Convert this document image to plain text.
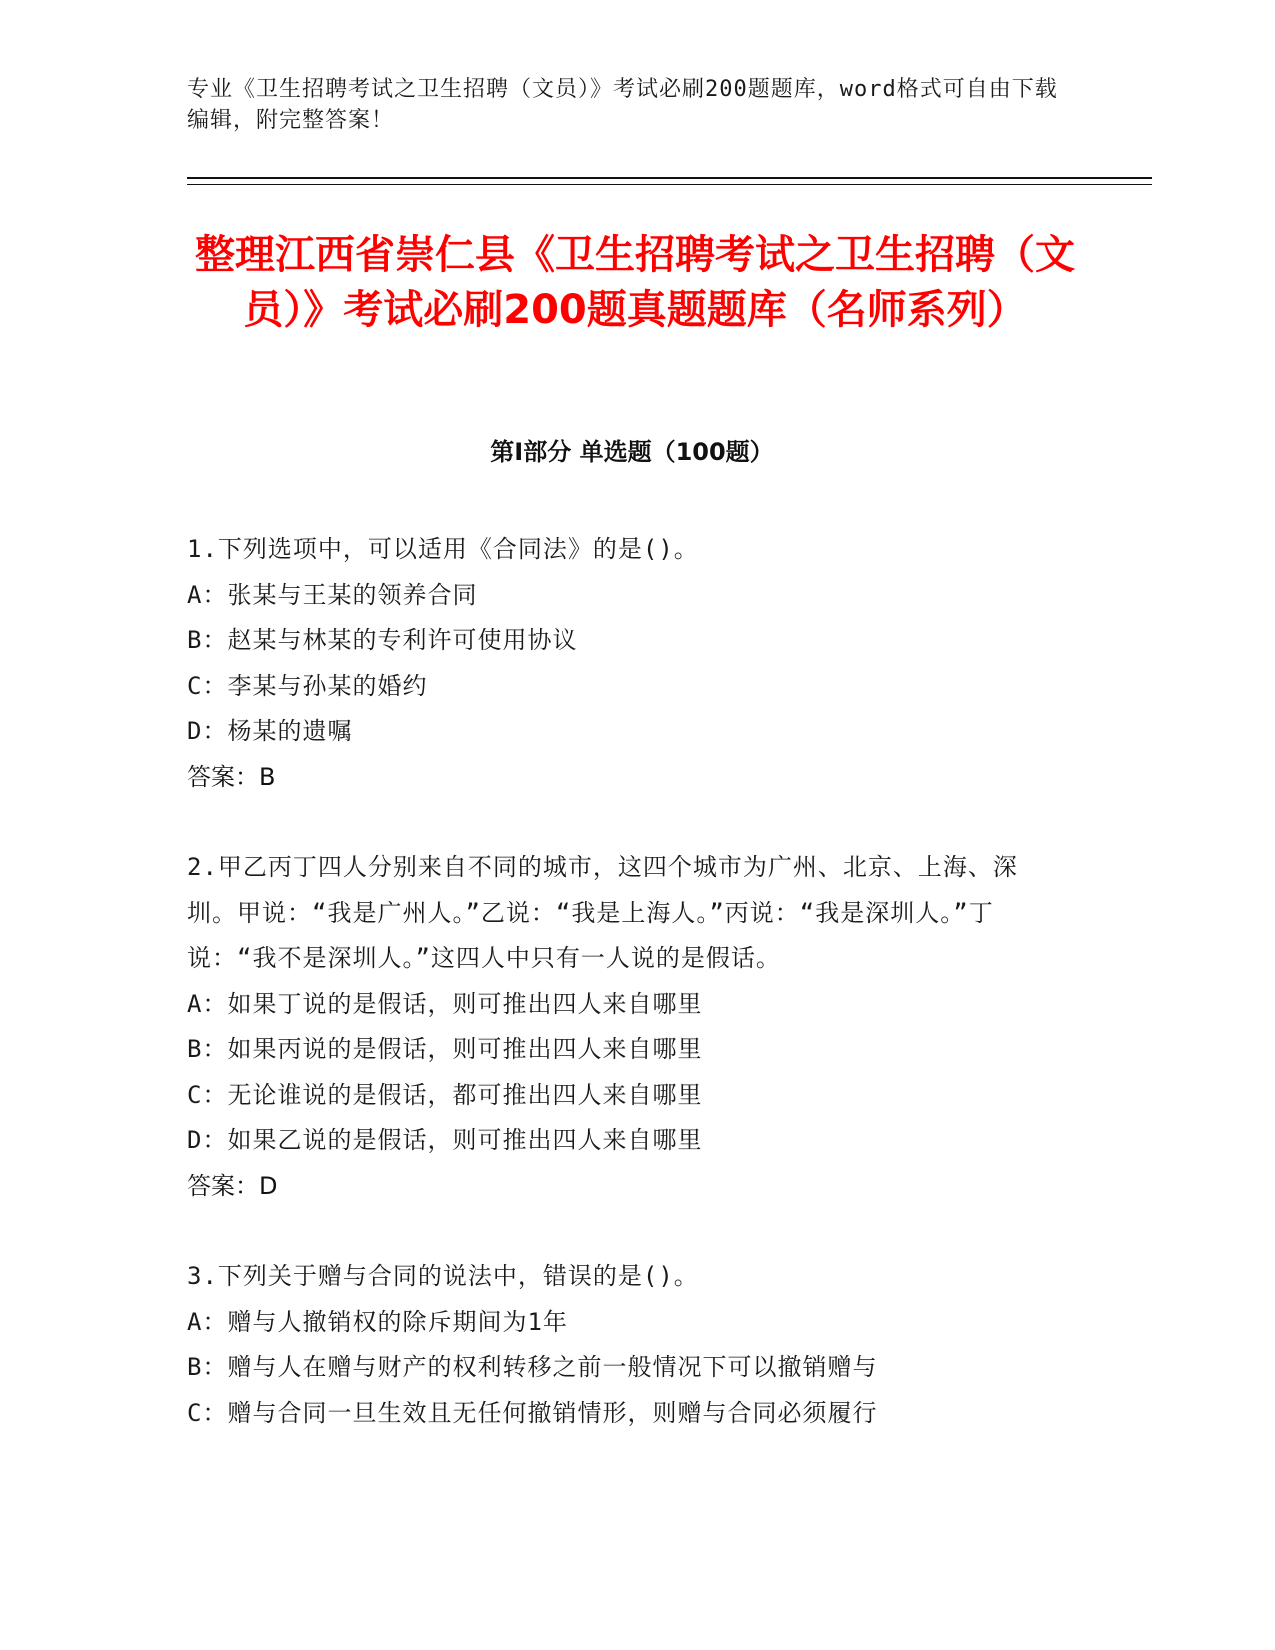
专业《卫生招聘考试之卫生招聘（文员）》考试必刷200题题库，word格式可自由下载编辑，附完整答案！
整理江西省崇仁县《卫生招聘考试之卫生招聘（文员）》考试必刷200题真题题库（名师系列）
第I部分 单选题（100题）

1.下列选项中，可以适用《合同法》的是()。

A：张某与王某的领养合同

B：赵某与林某的专利许可使用协议

C：李某与孙某的婚约

D：杨某的遗嘱

答案：B

2.甲乙丙丁四人分别来自不同的城市，这四个城市为广州、北京、上海、深圳。甲说：“我是广州人。”乙说：“我是上海人。”丙说：“我是深圳人。”丁说：“我不是深圳人。”这四人中只有一人说的是假话。

A：如果丁说的是假话，则可推出四人来自哪里

B：如果丙说的是假话，则可推出四人来自哪里

C：无论谁说的是假话，都可推出四人来自哪里

D：如果乙说的是假话，则可推出四人来自哪里

答案：D

3.下列关于赠与合同的说法中，错误的是()。

A：赠与人撤销权的除斥期间为1年

B：赠与人在赠与财产的权利转移之前一般情况下可以撤销赠与

C：赠与合同一旦生效且无任何撤销情形，则赠与合同必须履行
